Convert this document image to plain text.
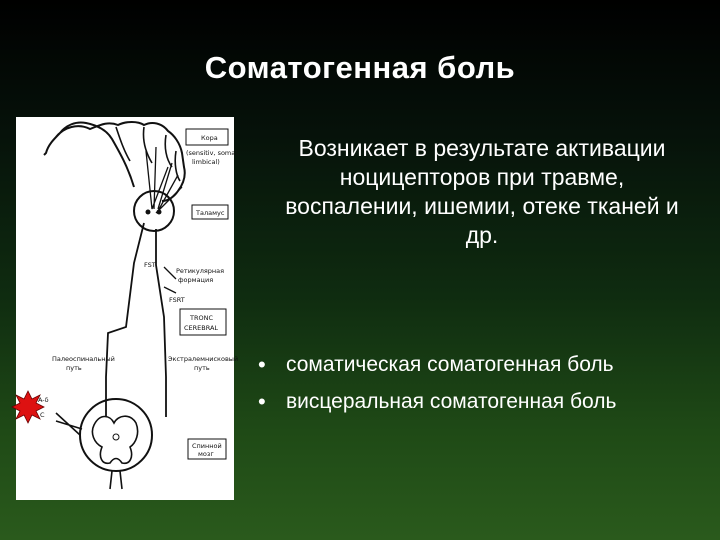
Соматогенная боль
Кора
(sensitiv, somat,
limbical)
Таламус
Ретикулярная
формация
FST
FSRT
TRONC
CEREBRAL
Палеоспинальный
путь
Экстралемнисковый
путь
Спинной
мозг
A-δ
C
Возникает в результате активации ноцицепторов при травме, воспалении, ишемии, отеке тканей и др.
• соматическая соматогенная боль
• висцеральная соматогенная боль
